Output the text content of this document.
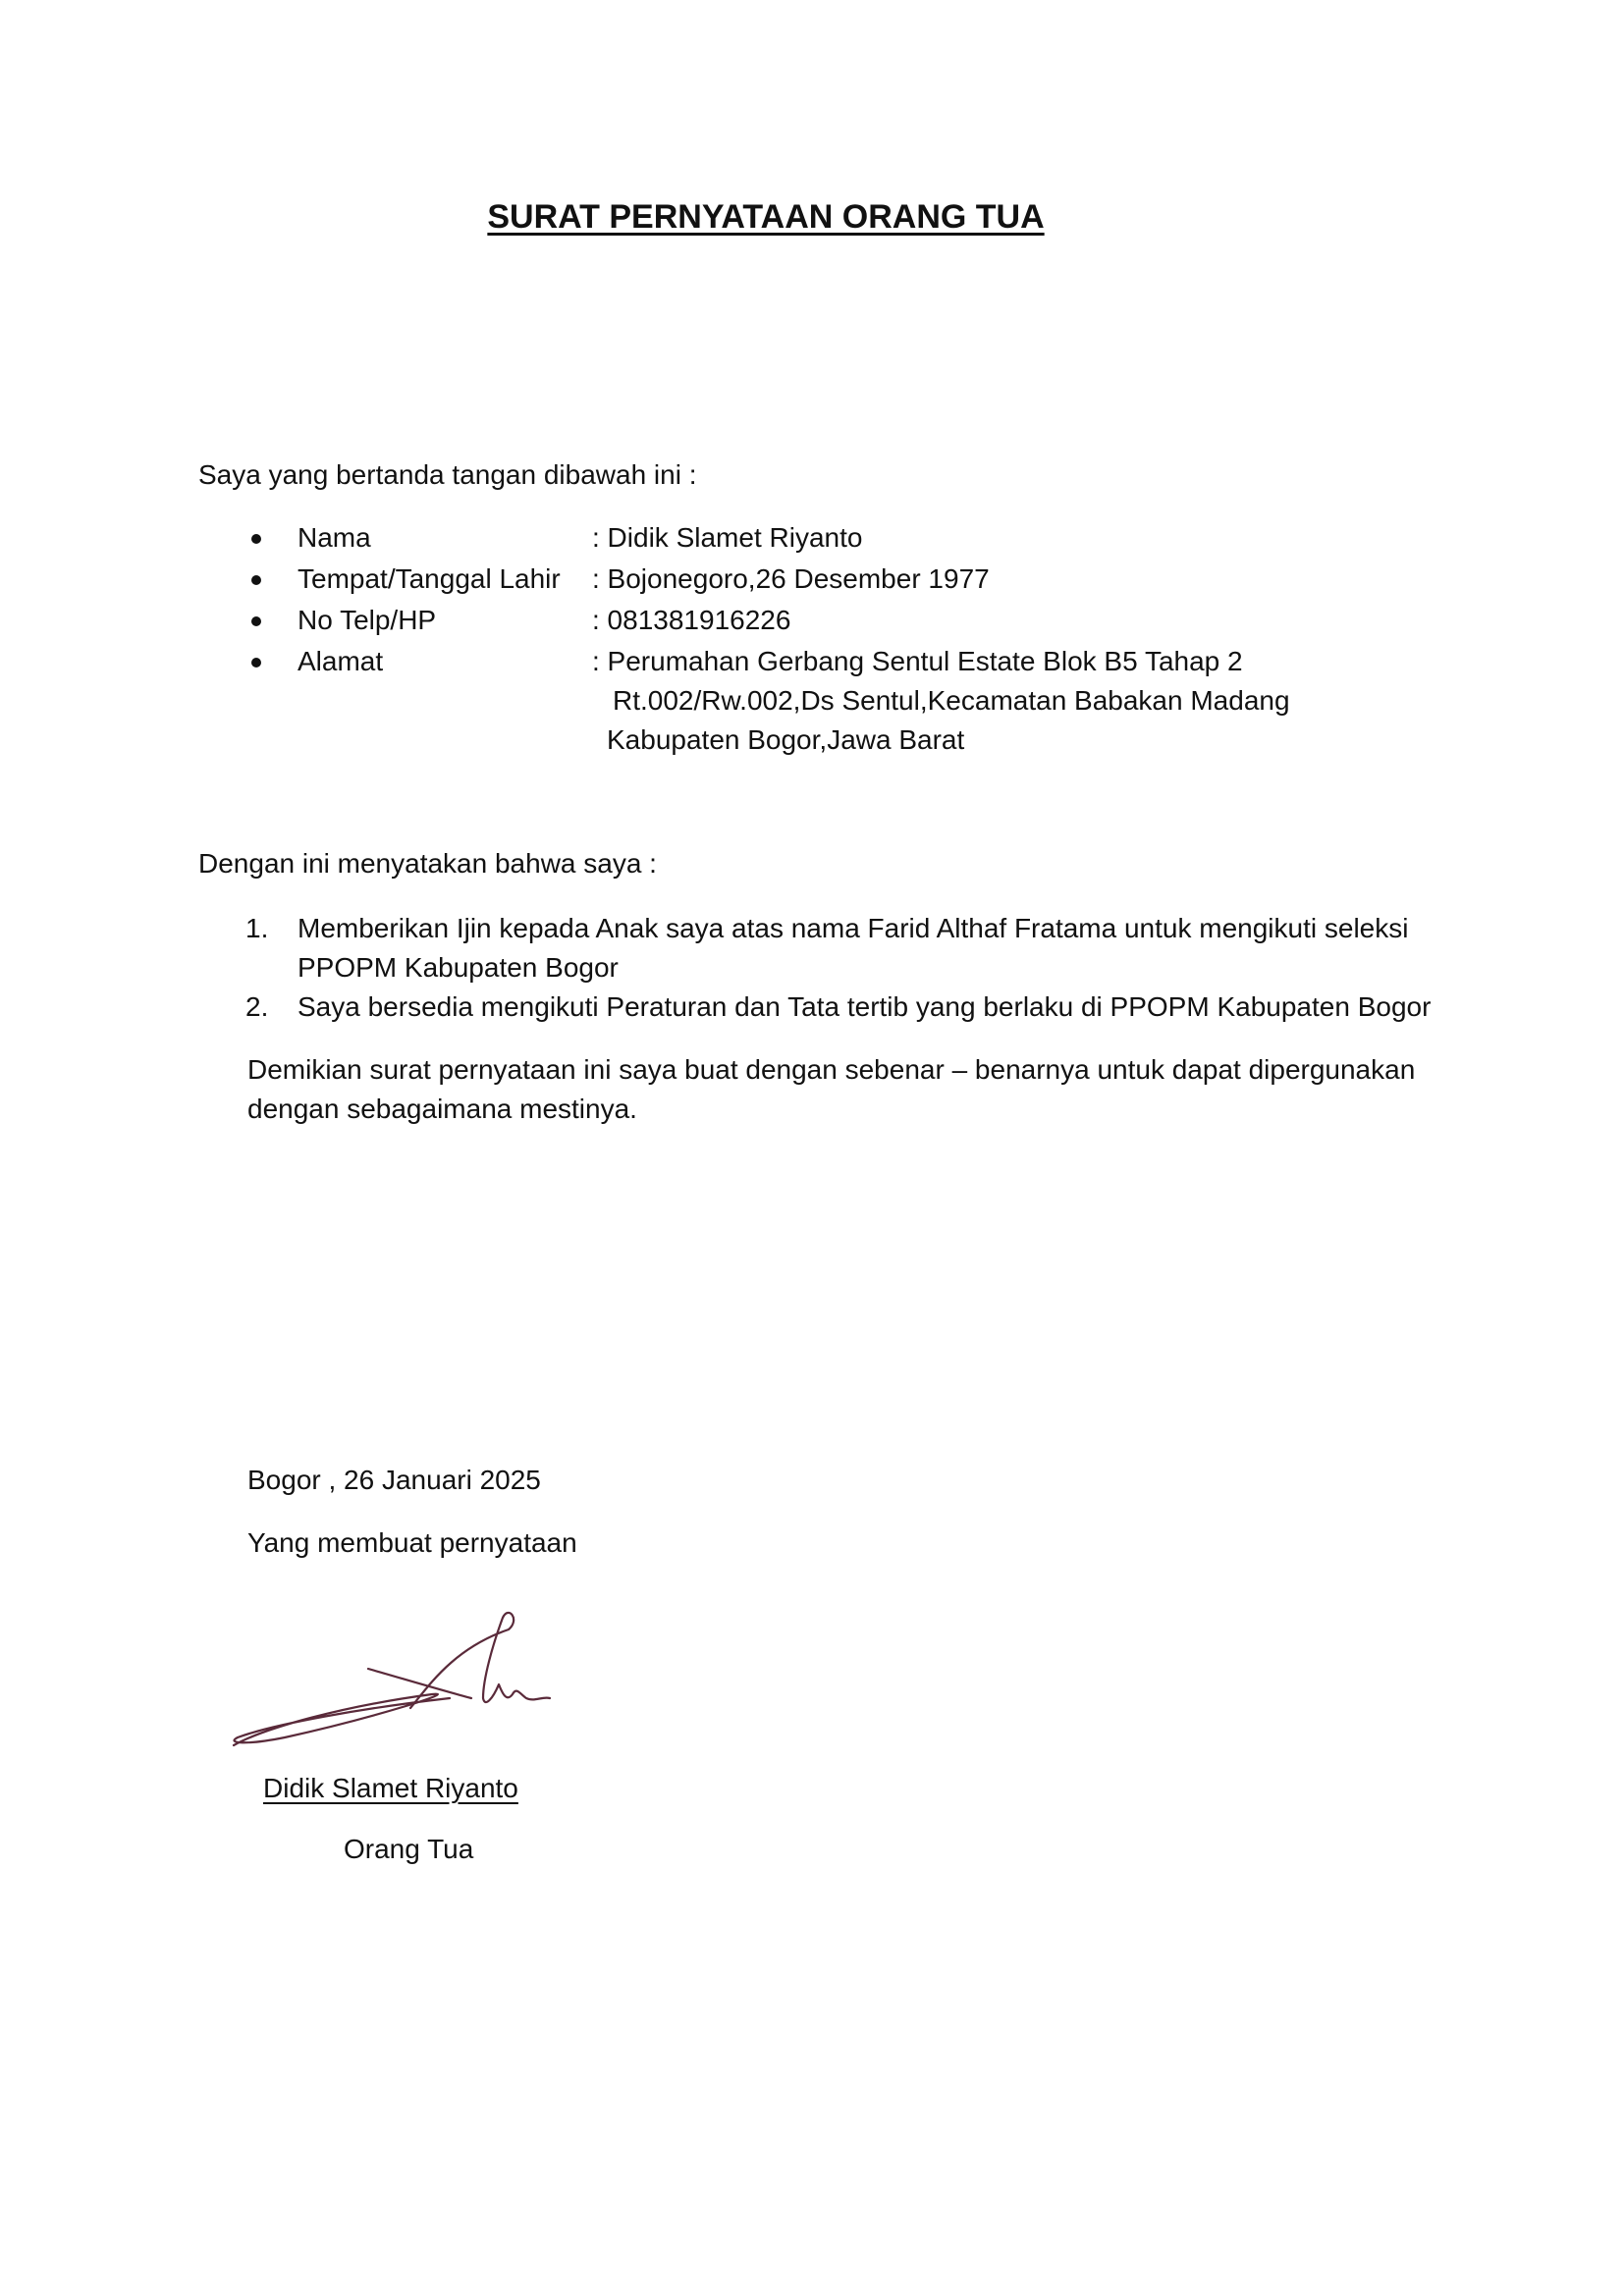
SURAT PERNYATAAN ORANG TUA
Saya yang bertanda tangan dibawah ini :
Nama	: Didik Slamet Riyanto
Tempat/Tanggal Lahir : Bojonegoro,26 Desember 1977
No Telp/HP	: 081381916226
Alamat	: Perumahan Gerbang Sentul Estate Blok B5 Tahap 2
Rt.002/Rw.002,Ds Sentul,Kecamatan Babakan Madang
Kabupaten Bogor,Jawa Barat
Dengan ini menyatakan bahwa saya :
1. Memberikan Ijin kepada Anak saya atas nama Farid Althaf Fratama untuk mengikuti seleksi
PPOPM Kabupaten Bogor
2. Saya bersedia mengikuti Peraturan dan Tata tertib yang berlaku di PPOPM Kabupaten Bogor
Demikian surat pernyataan ini saya buat dengan sebenar – benarnya untuk dapat dipergunakan
dengan sebagaimana mestinya.
Bogor , 26 Januari 2025
Yang membuat pernyataan
Didik Slamet Riyanto
Orang Tua
